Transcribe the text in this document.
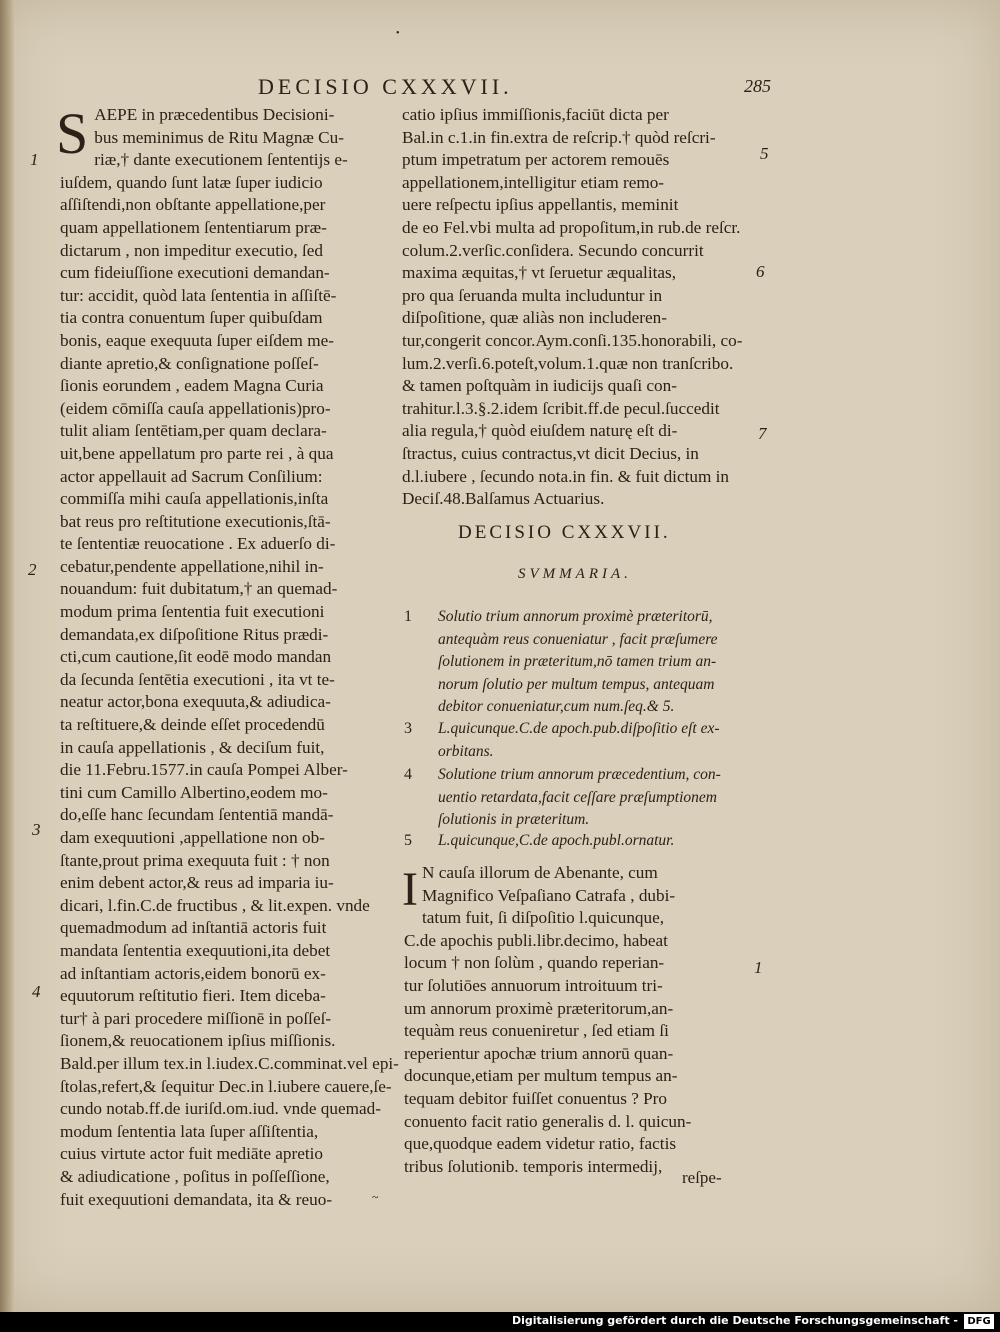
•
DECISIO CXXXVII.	285
S AEPE in præcedentibus Decisioni-

bus meminimus de Ritu Magnæ Cu-

riæ,† dante executionem ſententijs e-

iuſdem, quando ſunt latæ ſuper iudicio

aſſiſtendi,non obſtante appellatione,per

quam appellationem ſententiarum præ-

dictarum , non impeditur executio, ſed

cum fideiuſſione executioni demandan-

tur: accidit, quòd lata ſententia in aſſiſtē-

tia contra conuentum ſuper quibuſdam

bonis, eaque exequuta ſuper eiſdem me-

diante apretio,& conſignatione poſſeſ-

ſionis eorundem , eadem Magna Curia

(eidem cōmiſſa cauſa appellationis)pro-

tulit aliam ſentētiam,per quam declara-

uit,bene appellatum pro parte rei , à qua

actor appellauit ad Sacrum Conſilium:

commiſſa mihi cauſa appellationis,inſta

bat reus pro reſtitutione executionis,ſtā-

te ſententiæ reuocatione . Ex aduerſo di-

cebatur,pendente appellatione,nihil in-

nouandum: fuit dubitatum,† an quemad-

modum prima ſententia fuit executioni

demandata,ex diſpoſitione Ritus prædi-

cti,cum cautione,ſit eodē modo mandan

da ſecunda ſentētia executioni , ita vt te-

neatur actor,bona exequuta,& adiudica-

ta reſtituere,& deinde eſſet procedendū

in cauſa appellationis , & deciſum fuit,

die 11.Febru.1577.in cauſa Pompei Alber-

tini cum Camillo Albertino,eodem mo-

do,eſſe hanc ſecundam ſententiā mandā-

dam exequutioni ,appellatione non ob-

ſtante,prout prima exequuta fuit : † non

enim debent actor,& reus ad imparia iu-

dicari, l.fin.C.de fructibus , & lit.expen. vnde

quemadmodum ad inſtantiā actoris fuit

mandata ſententia exequutioni,ita debet

ad inſtantiam actoris,eidem bonorū ex-

equutorum reſtitutio fieri. Item diceba-

tur† à pari procedere miſſionē in poſſeſ-

ſionem,& reuocationem ipſius miſſionis.

Bald.per illum tex.in l.iudex.C.comminat.vel epi-

ſtolas,refert,& ſequitur Dec.in l.iubere cauere,ſe-

cundo notab.ff.de iuriſd.om.iud. vnde quemad-

modum ſententia lata ſuper aſſiſtentia,

cuius virtute actor fuit mediāte apretio

& adiudicatione , poſitus in poſſeſſione,

fuit exequutioni demandata, ita & reuo-

catio ipſius immiſſionis,faciūt dicta per

Bal.in c.1.in fin.extra de reſcrip.† quòd reſcri-

ptum impetratum per actorem remouēs

appellationem,intelligitur etiam remo-

uere reſpectu ipſius appellantis, meminit

de eo Fel.vbi multa ad propoſitum,in rub.de reſcr.

colum.2.verſic.conſidera. Secundo concurrit

maxima æquitas,† vt ſeruetur æqualitas,

pro qua ſeruanda multa includuntur in

diſpoſitione, quæ aliàs non includeren-

tur,congerit concor.Aym.conſi.135.honorabili, co-

lum.2.verſi.6.poteſt,volum.1.quæ non tranſcribo.

& tamen poſtquàm in iudicijs quaſi con-

trahitur.l.3.§.2.idem ſcribit.ff.de pecul.ſuccedit

alia regula,† quòd eiuſdem naturę eſt di-

ſtractus, cuius contractus,vt dicit Decius, in

d.l.iubere , ſecundo nota.in fin. & fuit dictum in

Deciſ.48.Balſamus Actuarius.

DECISIO CXXXVII.
SVMMARIA.
1 Solutio trium annorum proximè præteritorū,
antequàm reus conueniatur , facit præſumere
ſolutionem in præteritum,nō tamen trium an-
norum ſolutio per multum tempus, antequam
debitor conueniatur,cum num.ſeq.& 5.
3 L.quicunque.C.de apoch.pub.diſpoſitio eſt ex-
orbitans.
4 Solutione trium annorum præcedentium, con-
uentio retardata,facit ceſſare præſumptionem
ſolutionis in præteritum.
5 L.quicunque,C.de apoch.publ.ornatur.
I N cauſa illorum de Abenante, cum

Magnifico Veſpaſiano Catrafa , dubi-

tatum fuit, ſi diſpoſitio l.quicunque,

C.de apochis publi.libr.decimo, habeat

locum † non ſolùm , quando reperian-

tur ſolutiōes annuorum introituum tri-

um annorum proximè præteritorum,an-

tequàm reus conueniretur , ſed etiam ſi

reperientur apochæ trium annorū quan-

docunque,etiam per multum tempus an-

tequam debitor fuiſſet conuentus ? Pro

conuento facit ratio generalis d. l. quicun-

que,quodque eadem videtur ratio, factis

tribus ſolutionib. temporis intermedij,

reſpe-
1
2
3
4
5
6
7
1
~
Digitalisierung gefördert durch die Deutsche Forschungsgemeinschaft - DFG
